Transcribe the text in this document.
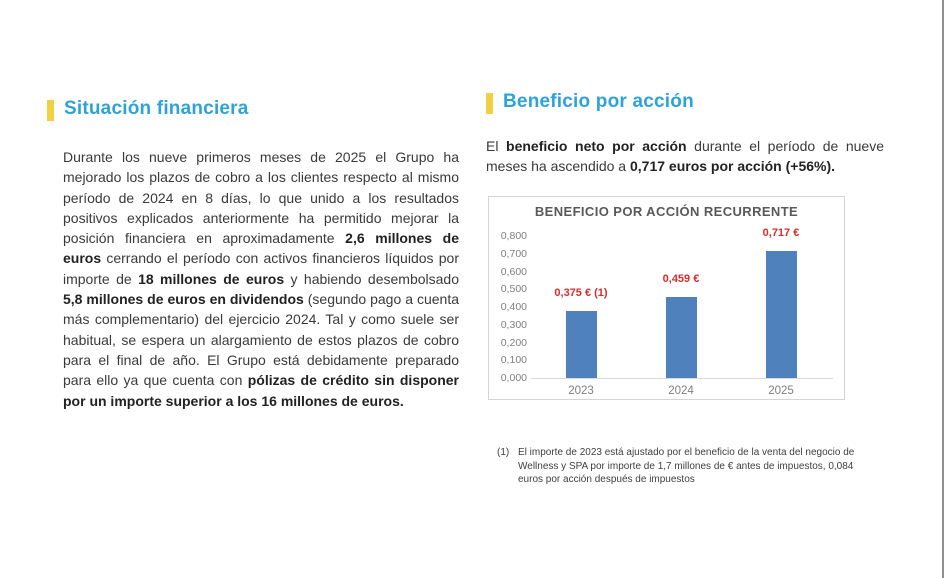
Situación financiera
Durante los nueve primeros meses de 2025 el Grupo ha mejorado los plazos de cobro a los clientes respecto al mismo período de 2024 en 8 días, lo que unido a los resultados positivos explicados anteriormente ha permitido mejorar la posición financiera en aproximadamente 2,6 millones de euros cerrando el período con activos financieros líquidos por importe de 18 millones de euros y habiendo desembolsado 5,8 millones de euros en dividendos (segundo pago a cuenta más complementario) del ejercicio 2024. Tal y como suele ser habitual, se espera un alargamiento de estos plazos de cobro para el final de año. El Grupo está debidamente preparado para ello ya que cuenta con pólizas de crédito sin disponer por un importe superior a los 16 millones de euros.
Beneficio por acción
El beneficio neto por acción durante el período de nueve meses ha ascendido a 0,717 euros por acción (+56%).
BENEFICIO POR ACCIÓN RECURRENTE
0,800
0,700
0,600
0,500
0,400
0,300
0,200
0,100
0,000
0,375 € (1)
2023
0,459 €
2024
0,717 €
2025
(1) El importe de 2023 está ajustado por el beneficio de la venta del negocio de Wellness y SPA por importe de 1,7 millones de € antes de impuestos, 0,084 euros por acción después de impuestos
